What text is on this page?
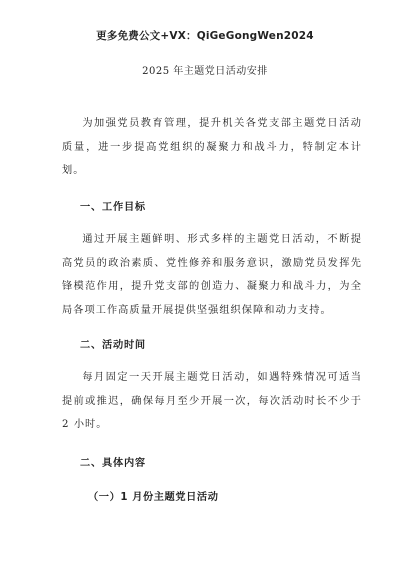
更多免费公文+VX：QiGeGongWen2024
2025 年主题党日活动安排

为加强党员教育管理，提升机关各党支部主题党日活动质量，进一步提高党组织的凝聚力和战斗力，特制定本计划。

一、工作目标

通过开展主题鲜明、形式多样的主题党日活动，不断提高党员的政治素质、党性修养和服务意识，激励党员发挥先锋模范作用，提升党支部的创造力、凝聚力和战斗力，为全局各项工作高质量开展提供坚强组织保障和动力支持。

二、活动时间

每月固定一天开展主题党日活动，如遇特殊情况可适当提前或推迟，确保每月至少开展一次，每次活动时长不少于 2 小时。

二、具体内容
（一）1 月份主题党日活动
